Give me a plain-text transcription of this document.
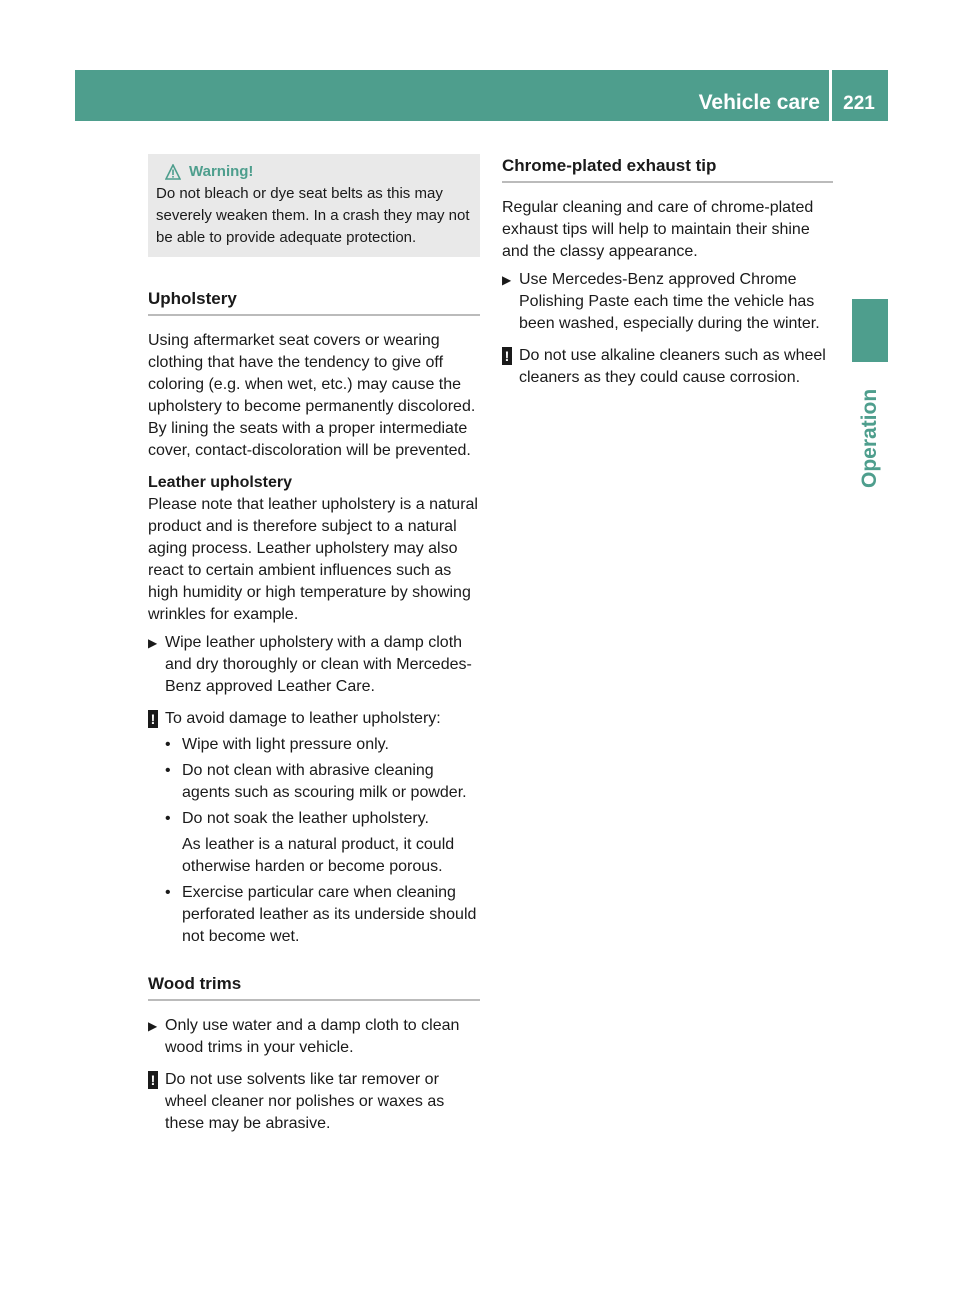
Vehicle care	221
Operation
Warning!

Do not bleach or dye seat belts as this may severely weaken them. In a crash they may not be able to provide adequate protection.

Upholstery

Using aftermarket seat covers or wearing clothing that have the tendency to give off coloring (e.g. when wet, etc.) may cause the upholstery to become permanently discolored. By lining the seats with a proper intermediate cover, contact-discoloration will be prevented.

Leather upholstery

Please note that leather upholstery is a natural product and is therefore subject to a natural aging process. Leather upholstery may also react to certain ambient influences such as high humidity or high temperature by showing wrinkles for example.

▶ Wipe leather upholstery with a damp cloth and dry thoroughly or clean with Mercedes-Benz approved Leather Care.
! To avoid damage to leather upholstery:
• Wipe with light pressure only.
• Do not clean with abrasive cleaning agents such as scouring milk or powder.
• Do not soak the leather upholstery.

As leather is a natural product, it could otherwise harden or become porous.
• Exercise particular care when cleaning perforated leather as its underside should not become wet.
Wood trims
▶ Only use water and a damp cloth to clean wood trims in your vehicle.
! Do not use solvents like tar remover or wheel cleaner nor polishes or waxes as these may be abrasive.
Chrome-plated exhaust tip

Regular cleaning and care of chrome-plated exhaust tips will help to maintain their shine and the classy appearance.

▶ Use Mercedes-Benz approved Chrome Polishing Paste each time the vehicle has been washed, especially during the winter.
! Do not use alkaline cleaners such as wheel cleaners as they could cause corrosion.
